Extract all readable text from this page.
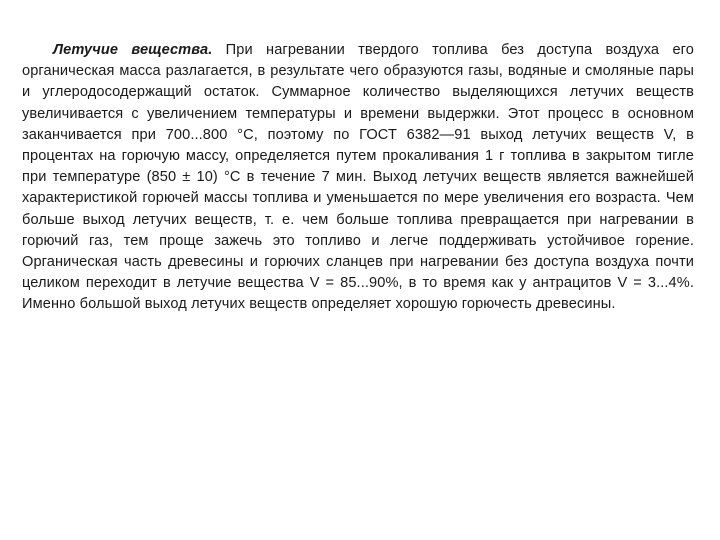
Летучие вещества. При нагревании твердого топлива без доступа воздуха его органическая масса разлагается, в результате чего образуются газы, водяные и смоляные пары и углеродосодержащий остаток. Суммарное количество выделяющихся летучих веществ увеличивается с увеличением температуры и времени выдержки. Этот процесс в основном заканчивается при 700...800 °С, поэтому по ГОСТ 6382—91 выход летучих веществ V, в процентах на горючую массу, определяется путем прокаливания 1 г топлива в закрытом тигле при температуре (850 ± 10) °С в течение 7 мин. Выход летучих веществ является важнейшей характеристикой горючей массы топлива и уменьшается по мере увеличения его возраста. Чем больше выход летучих веществ, т. е. чем больше топлива превращается при нагревании в горючий газ, тем проще зажечь это топливо и легче поддерживать устойчивое горение. Органическая часть древесины и горючих сланцев при нагревании без доступа воздуха почти целиком переходит в летучие вещества V = 85...90%, в то время как у антрацитов V = 3...4%. Именно большой выход летучих веществ определяет хорошую горючесть древесины.
